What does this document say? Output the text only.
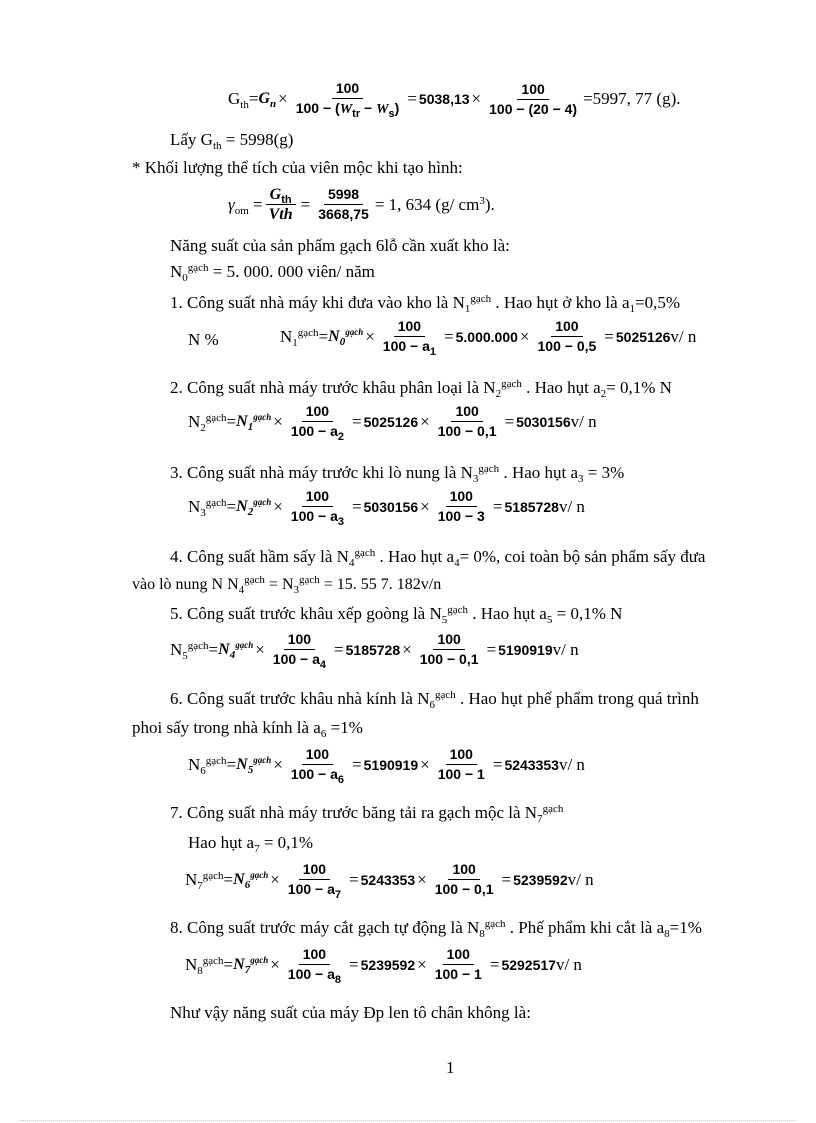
$G_{th}= G_n \times \frac{100}{100 - (W_{tr} - W_s)} = 5038,13 \times \frac{100}{100 - (20 - 4)} =5997$, 77 (g).
Lấy $G_{th} = 5998(g)$
* Khối lượng thể tích của viên mộc khi tạo hình:
$\gamma_{om} = \frac{G_{th}}{\text{Vth}} = \frac{5998}{3668,75} = 1$, 634 (g/ $cm^3$).
Năng suất của sản phẩm gạch 6lỗ cần xuất kho là:
$N_0^{gạch} = 5$. 000. 000 viên/ năm
1. Công suất nhà máy khi đưa vào kho là $N_1^{gạch}$ . Hao hụt ở kho là $a_1=0,5\%$
N %
2. Công suất nhà máy trước khâu phân loại là $N_2^{gạch}$ . Hao hụt $a_2= 0,1\%$ N
3. Công suất nhà máy trước khi lò nung là $N_3^{gạch}$ . Hao hụt $a_3 = 3\%$
4. Công suất hầm sấy là $N_4^{gạch}$ . Hao hụt $a_4= 0\%$, coi toàn bộ sản phẩm sấy đưa
vào lò nung N $N_4^{gạch} = N_3^{gạch} = 15$. 55 7. 182v/n
5. Công suất trước khâu xếp goòng là $N_5^{gạch}$ . Hao hụt $a_5 = 0,1\%$ N
6. Công suất trước khâu nhà kính là $N_6^{gạch}$ . Hao hụt phế phẩm trong quá trình
phoi sấy trong nhà kính là $a_6 =1\%$
7. Công suất nhà máy trước băng tải ra gạch mộc là $N_7^{gạch}$
Hao hụt $a_7 = 0,1\%$
8. Công suất trước máy cắt gạch tự động là $N_8^{gạch}$ . Phế phẩm khi cắt là $a_8=1\%$
Như vậy năng suất của máy Đp len tô chân không là:
1
$N_1^{gạch}= N_0^{gạch} \times \frac{100}{100 - a_1} = 5.000.000 \times \frac{100}{100 - 0,5} = 5025126$ v/ n
$N_2^{gạch}= N_1^{gạch} \times \frac{100}{100 - a_2} = 5025126 \times \frac{100}{100 - 0,1} = 5030156$ v/ n
$N_3^{gạch}= N_2^{gạch} \times \frac{100}{100 - a_3} = 5030156 \times \frac{100}{100 - 3} = 5185728$ v/ n
$N_5^{gạch}= N_4^{gạch} \times \frac{100}{100 - a_4} = 5185728 \times \frac{100}{100 - 0,1} = 5190919$ v/ n
$N_6^{gạch}= N_5^{gạch} \times \frac{100}{100 - a_6} = 5190919 \times \frac{100}{100 - 1} = 5243353$ v/ n
$N_7^{gạch}= N_6^{gạch} \times \frac{100}{100 - a_7} = 5243353 \times \frac{100}{100 - 0,1} = 5239592$ v/ n
$N_8^{gạch}= N_7^{gạch} \times \frac{100}{100 - a_8} = 5239592 \times \frac{100}{100 - 1} = 5292517$ v/ n
